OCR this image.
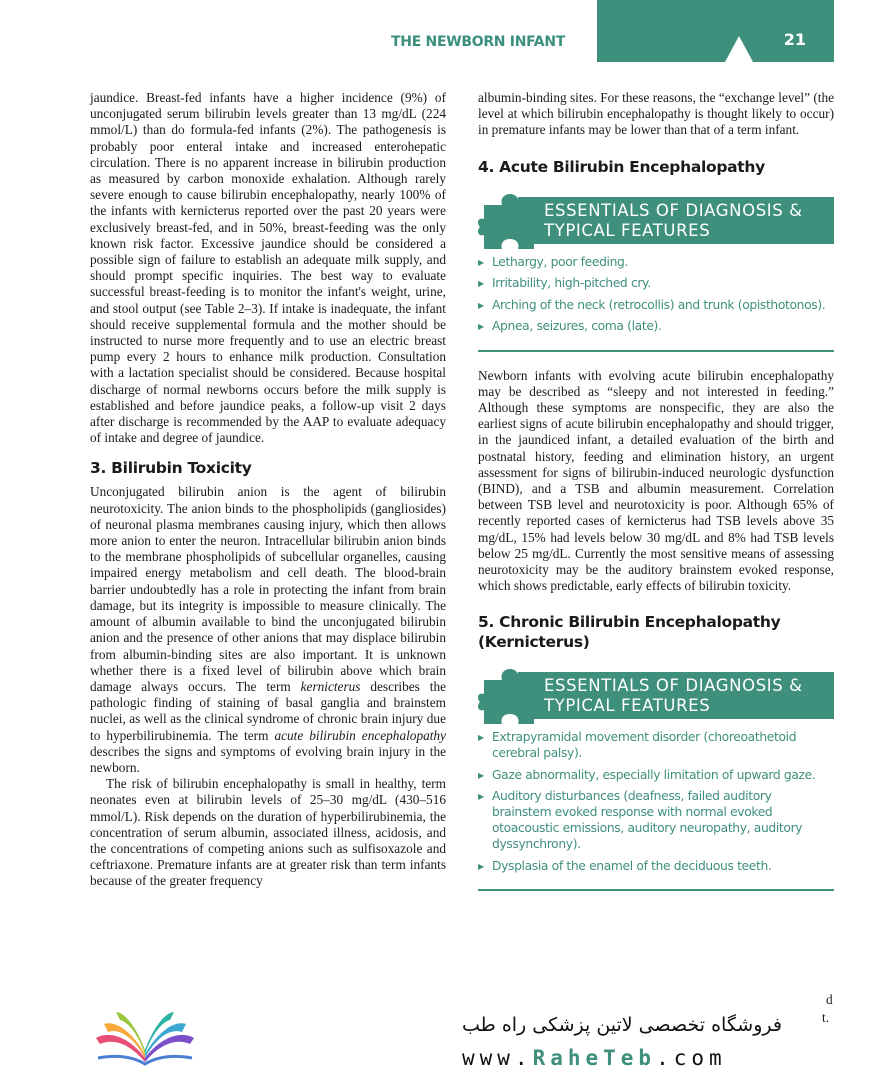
THE NEWBORN INFANT	21

jaundice. Breast-fed infants have a higher incidence (9%) of unconjugated serum bilirubin levels greater than 13 mg/dL (224 mmol/L) than do formula-fed infants (2%). The pathogenesis is probably poor enteral intake and increased enterohepatic circulation. There is no apparent increase in bilirubin production as measured by carbon monoxide exhalation. Although rarely severe enough to cause bilirubin encephalopathy, nearly 100% of the infants with kernicterus reported over the past 20 years were exclusively breast-fed, and in 50%, breast-feeding was the only known risk factor. Excessive jaundice should be considered a possible sign of failure to establish an adequate milk supply, and should prompt specific inquiries. The best way to evaluate successful breast-feeding is to monitor the infant's weight, urine, and stool output (see Table 2–3). If intake is inadequate, the infant should receive supplemental formula and the mother should be instructed to nurse more frequently and to use an electric breast pump every 2 hours to enhance milk production. Consultation with a lactation specialist should be considered. Because hospital discharge of normal newborns occurs before the milk supply is established and before jaundice peaks, a follow-up visit 2 days after discharge is recommended by the AAP to evaluate adequacy of intake and degree of jaundice.

3. Bilirubin Toxicity

Unconjugated bilirubin anion is the agent of bilirubin neurotoxicity. The anion binds to the phospholipids (gangliosides) of neuronal plasma membranes causing injury, which then allows more anion to enter the neuron. Intracellular bilirubin anion binds to the membrane phospholipids of subcellular organelles, causing impaired energy metabolism and cell death. The blood-brain barrier undoubtedly has a role in protecting the infant from brain damage, but its integrity is impossible to measure clinically. The amount of albumin available to bind the unconjugated bilirubin anion and the presence of other anions that may displace bilirubin from albumin-binding sites are also important. It is unknown whether there is a fixed level of bilirubin above which brain damage always occurs. The term kernicterus describes the pathologic finding of staining of basal ganglia and brainstem nuclei, as well as the clinical syndrome of chronic brain injury due to hyperbilirubinemia. The term acute bilirubin encephalopathy describes the signs and symptoms of evolving brain injury in the newborn.

The risk of bilirubin encephalopathy is small in healthy, term neonates even at bilirubin levels of 25–30 mg/dL (430–516 mmol/L). Risk depends on the duration of hyperbilirubinemia, the concentration of serum albumin, associated illness, acidosis, and the concentrations of competing anions such as sulfisoxazole and ceftriaxone. Premature infants are at greater risk than term infants because of the greater frequency

albumin-binding sites. For these reasons, the “exchange level” (the level at which bilirubin encephalopathy is thought likely to occur) in premature infants may be lower than that of a term infant.

4. Acute Bilirubin Encephalopathy
ESSENTIALS OF DIAGNOSIS &
TYPICAL FEATURES
▶ Lethargy, poor feeding.
▶ Irritability, high-pitched cry.
▶ Arching of the neck (retrocollis) and trunk (opisthotonos).
▶ Apnea, seizures, coma (late).

Newborn infants with evolving acute bilirubin encephalopathy may be described as “sleepy and not interested in feeding.” Although these symptoms are nonspecific, they are also the earliest signs of acute bilirubin encephalopathy and should trigger, in the jaundiced infant, a detailed evaluation of the birth and postnatal history, feeding and elimination history, an urgent assessment for signs of bilirubin-induced neurologic dysfunction (BIND), and a TSB and albumin measurement. Correlation between TSB level and neurotoxicity is poor. Although 65% of recently reported cases of kernicterus had TSB levels above 35 mg/dL, 15% had levels below 30 mg/dL and 8% had TSB levels below 25 mg/dL. Currently the most sensitive means of assessing neurotoxicity may be the auditory brainstem evoked response, which shows predictable, early effects of bilirubin toxicity.

5. Chronic Bilirubin Encephalopathy
(Kernicterus)
ESSENTIALS OF DIAGNOSIS &
TYPICAL FEATURES
▶ Extrapyramidal movement disorder (choreoathetoid cerebral palsy).
▶ Gaze abnormality, especially limitation of upward gaze.
▶ Auditory disturbances (deafness, failed auditory brainstem evoked response with normal evoked otoacoustic emissions, auditory neuropathy, auditory dyssynchrony).
▶ Dysplasia of the enamel of the deciduous teeth.
d
t.
فروشگاه تخصصی لاتین پزشکی راه طب
www.RaheTeb.com
